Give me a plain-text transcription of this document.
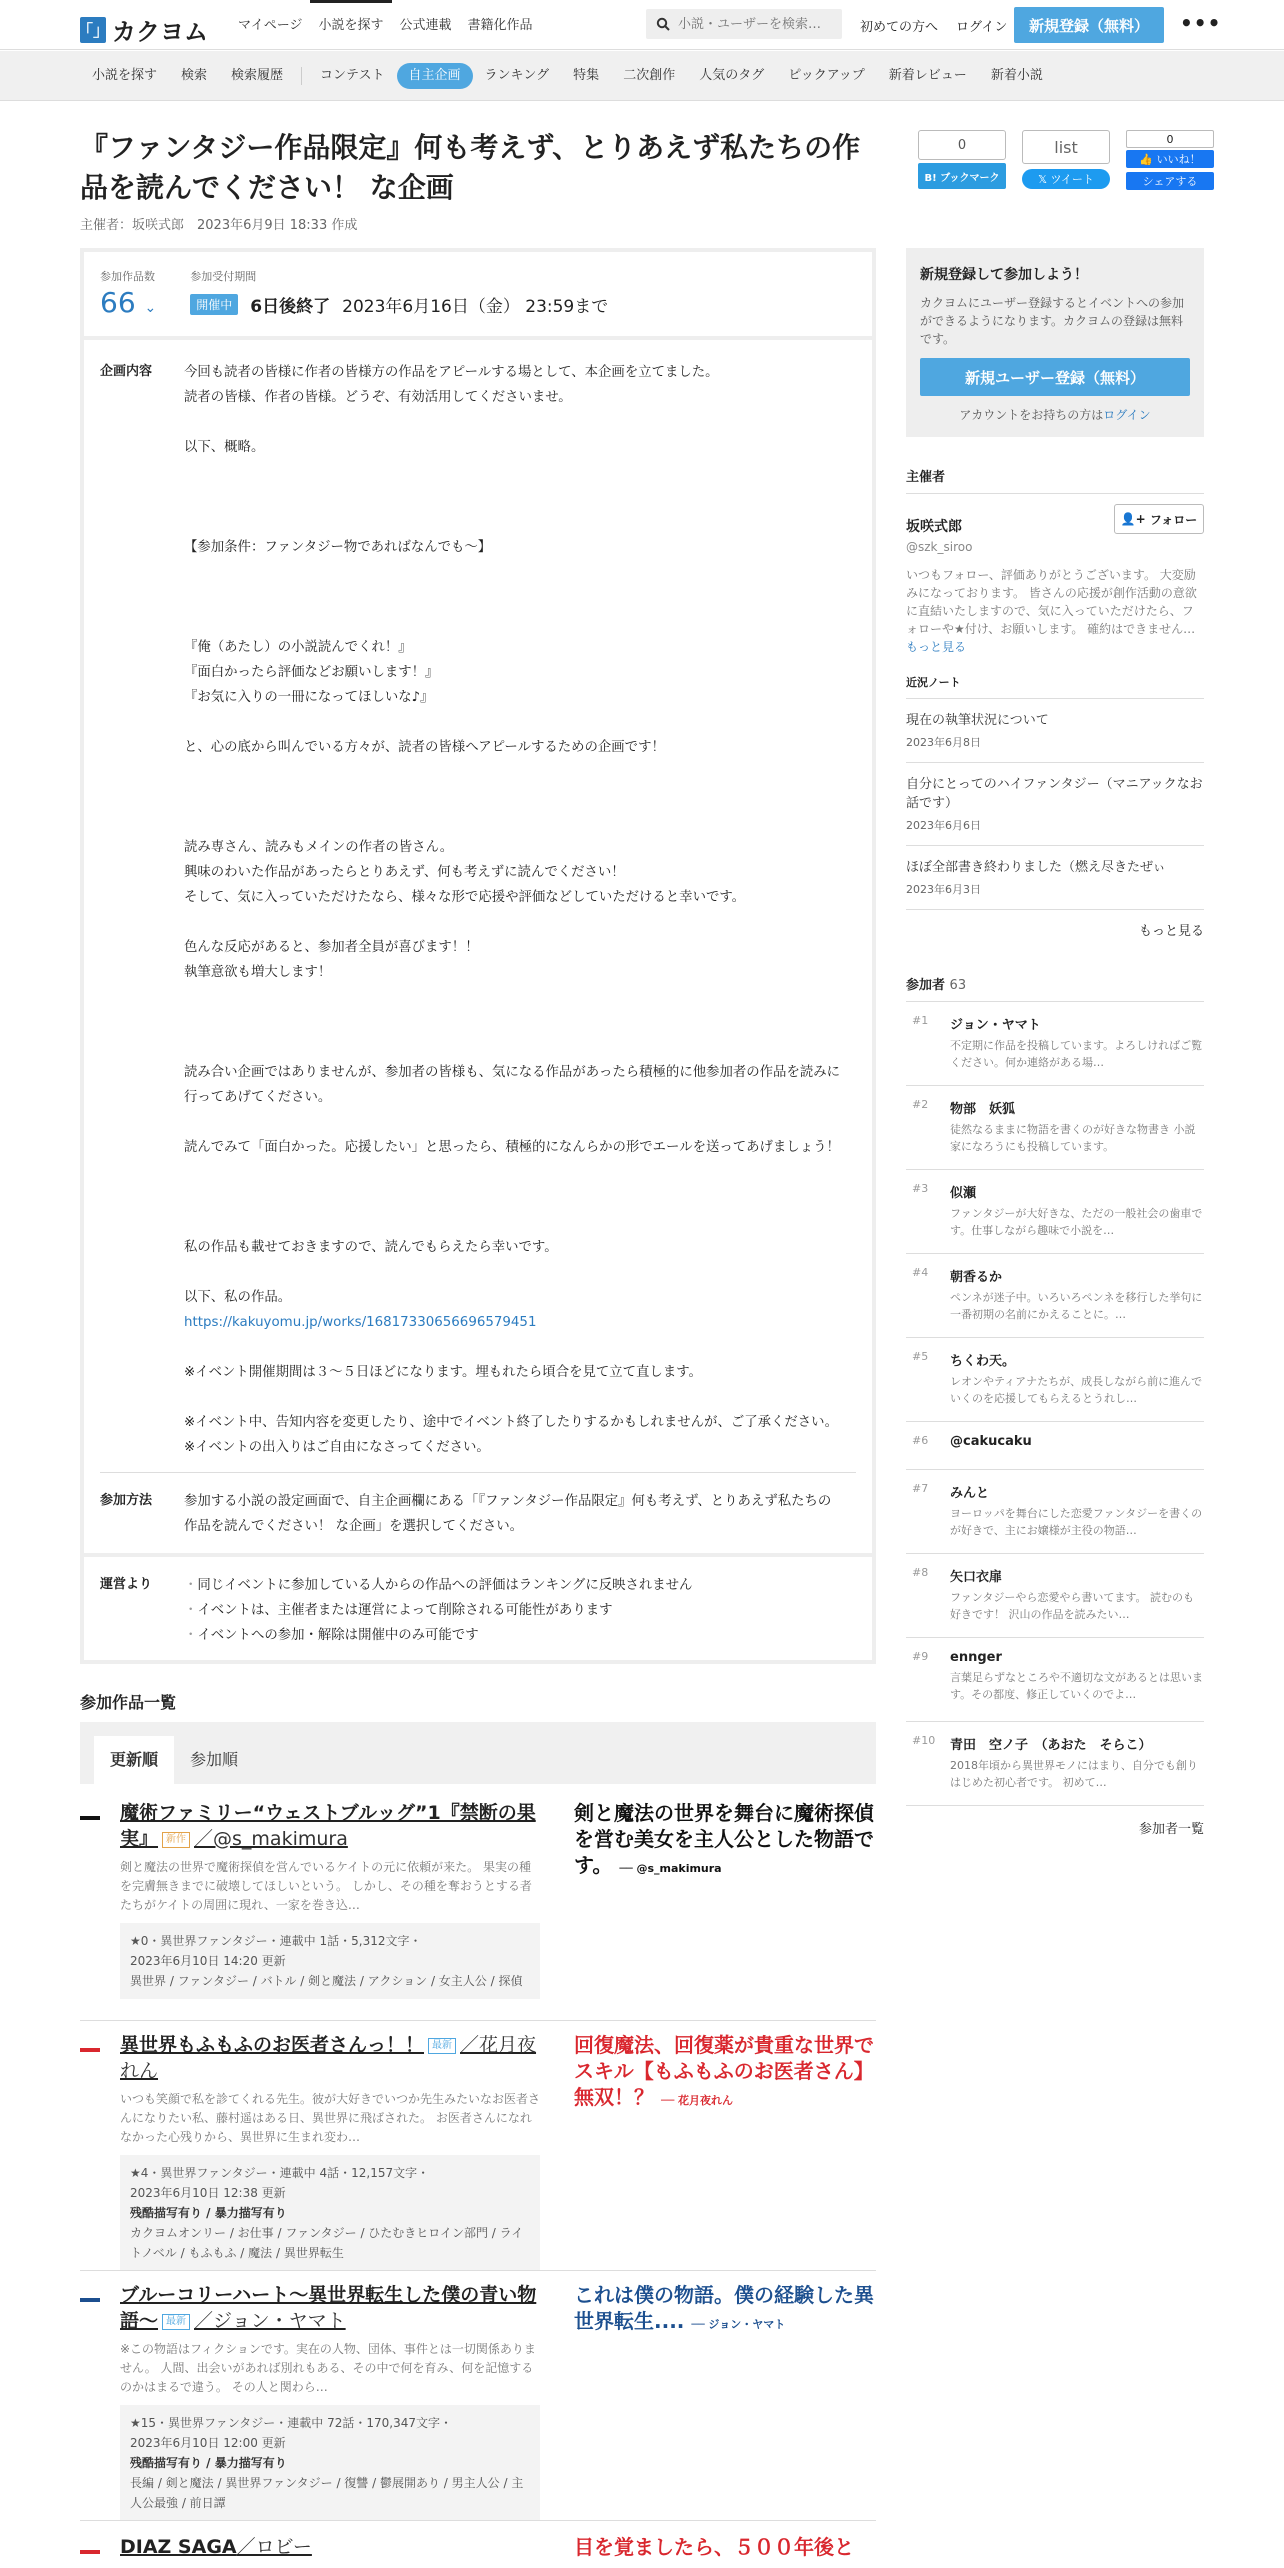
「」 カクヨム	マイページ	小説を探す	公式連載	書籍化作品
小説・ユーザーを検索…	初めての方へ ログイン	新規登録（無料）	•••
小説を探す	検索	検索履歴	コンテスト	自主企画	ランキング	特集	二次創作	人気のタグ	ピックアップ	新着レビュー	新着小説
『ファンタジー作品限定』何も考えず、とりあえず私たちの作品を読んでください！ な企画
主催者：坂咲式郎　2023年6月9日 18:33 作成
0
B! ブックマーク
list
𝕏 ツイート
0
👍 いいね！
シェアする
参加作品数
66 ⌄
参加受付期間
開催中	6日後終了 2023年6月16日（金） 23:59まで
企画内容	今回も読者の皆様に作者の皆様方の作品をアピールする場として、本企画を立てました。
読者の皆様、作者の皆様。どうぞ、有効活用してくださいませ。

以下、概略。

【参加条件：ファンタジー物であればなんでも～】

『俺（あたし）の小説読んでくれ！』
『面白かったら評価などお願いします！』
『お気に入りの一冊になってほしいな♪』

と、心の底から叫んでいる方々が、読者の皆様へアピールするための企画です！

読み専さん、読みもメインの作者の皆さん。
興味のわいた作品があったらとりあえず、何も考えずに読んでください！
そして、気に入っていただけたなら、様々な形で応援や評価などしていただけると幸いです。

色んな反応があると、参加者全員が喜びます！！
執筆意欲も増大します！

読み合い企画ではありませんが、参加者の皆様も、気になる作品があったら積極的に他参加者の作品を読みに行ってあげてください。

読んでみて「面白かった。応援したい」と思ったら、積極的になんらかの形でエールを送ってあげましょう！

私の作品も載せておきますので、読んでもらえたら幸いです。

以下、私の作品。
https://kakuyomu.jp/works/16817330656696579451

※イベント開催期間は３～５日ほどになります。埋もれたら頃合を見て立て直します。

※イベント中、告知内容を変更したり、途中でイベント終了したりするかもしれませんが、ご了承ください。
※イベントの出入りはご自由になさってください。
参加方法	参加する小説の設定画面で、自主企画欄にある「『ファンタジー作品限定』何も考えず、とりあえず私たちの作品を読んでください！ な企画」を選択してください。
運営より
・	同じイベントに参加している人からの作品への評価はランキングに反映されません
・ イベントは、主催者または運営によって削除される可能性があります
・ イベントへの参加・解除は開催中のみ可能です
参加作品一覧
更新順	参加順
魔術ファミリー“ウェストブルッグ”1『禁断の果実』 新作 ／@s_makimura
剣と魔法の世界で魔術探偵を営んでいるケイトの元に依頼が来た。 果実の種を完膚無きまでに破壊してほしいという。 しかし、その種を奪おうとする者たちがケイトの周囲に現れ、一家を巻き込…
★0・異世界ファンタジー・連載中 1話・5,312文字・
2023年6月10日 14:20 更新
異世界 / ファンタジー / バトル / 剣と魔法 / アクション / 女主人公 / 探偵
剣と魔法の世界を舞台に魔術探偵を営む美女を主人公とした物語です。 ── @s_makimura
異世界もふもふのお医者さんっ！！ 最新 ／花月夜れん
いつも笑顔で私を診てくれる先生。彼が大好きでいつか先生みたいなお医者さんになりたい私、藤村遥はある日、異世界に飛ばされた。 お医者さんになれなかった心残りから、異世界に生まれ変わ…
★4・異世界ファンタジー・連載中 4話・12,157文字・
2023年6月10日 12:38 更新
残酷描写有り / 暴力描写有り
カクヨムオンリー / お仕事 / ファンタジー / ひたむきヒロイン部門 / ライトノベル / もふもふ / 魔法 / 異世界転生
回復魔法、回復薬が貴重な世界でスキル【もふもふのお医者さん】無双！？ ── 花月夜れん
ブルーコリーハート〜異世界転生した僕の青い物語〜 最新 ／ジョン・ヤマト
※この物語はフィクションです。実在の人物、団体、事件とは一切関係ありません。 人間、出会いがあれば別れもある、その中で何を育み、何を記憶するのかはまるで違う。 その人と関わら…
★15・異世界ファンタジー・連載中 72話・170,347文字・
2023年6月10日 12:00 更新
残酷描写有り / 暴力描写有り
長編 / 剣と魔法 / 異世界ファンタジー / 復讐 / 鬱展開あり / 男主人公 / 主人公最強 / 前日譚
これは僕の物語。僕の経験した異世界転生.... ── ジョン・ヤマト
DIAZ SAGA／ロビー	目を覚ましたら、５００年後と
新規登録して参加しよう！
カクヨムにユーザー登録するとイベントへの参加ができるようになります。カクヨムの登録は無料です。
新規ユーザー登録（無料）
アカウントをお持ちの方はログイン
主催者
坂咲式郎
@szk_siroo
👤+ フォロー
いつもフォロー、評価ありがとうございます。 大変励みになっております。 皆さんの応援が創作活動の意欲に直結いたしますので、気に入っていただけたら、フォローや★付け、お願いします。 確約はできません…もっと見る
近況ノート
現在の執筆状況について
2023年6月8日
自分にとってのハイファンタジー（マニアックなお話です）
2023年6月6日
ほぼ全部書き終わりました（燃え尽きたぜぃ
2023年6月3日
もっと見る
参加者 63
#1 ジョン・ヤマト
不定期に作品を投稿しています。よろしければご覧ください。何か連絡がある場…
#2 物部　妖狐
徒然なるままに物語を書くのが好きな物書き 小説家になろうにも投稿しています。
#3 似瀬
ファンタジーが大好きな、ただの一般社会の歯車です。仕事しながら趣味で小説を…
#4 朝香るか
ペンネが迷子中。いろいろペンネを移行した挙句に一番初期の名前にかえることに。…
#5 ちくわ天。
レオンやティアナたちが、成長しながら前に進んでいくのを応援してもらえるとうれし…
#6 @cakucaku
#7 みんと
ヨーロッパを舞台にした恋愛ファンタジーを書くのが好きで、主にお嬢様が主役の物語…
#8 矢口衣扉
ファンタジーやら恋愛やら書いてます。 読むのも好きです！ 沢山の作品を読みたい…
#9 ennger
言葉足らずなところや不適切な文があるとは思います。その都度、修正していくのでよ…
#10 青田　空ノ子　（あおた　そらこ）
2018年頃から異世界モノにはまり、自分でも創りはじめた初心者です。 初めて…
参加者一覧
